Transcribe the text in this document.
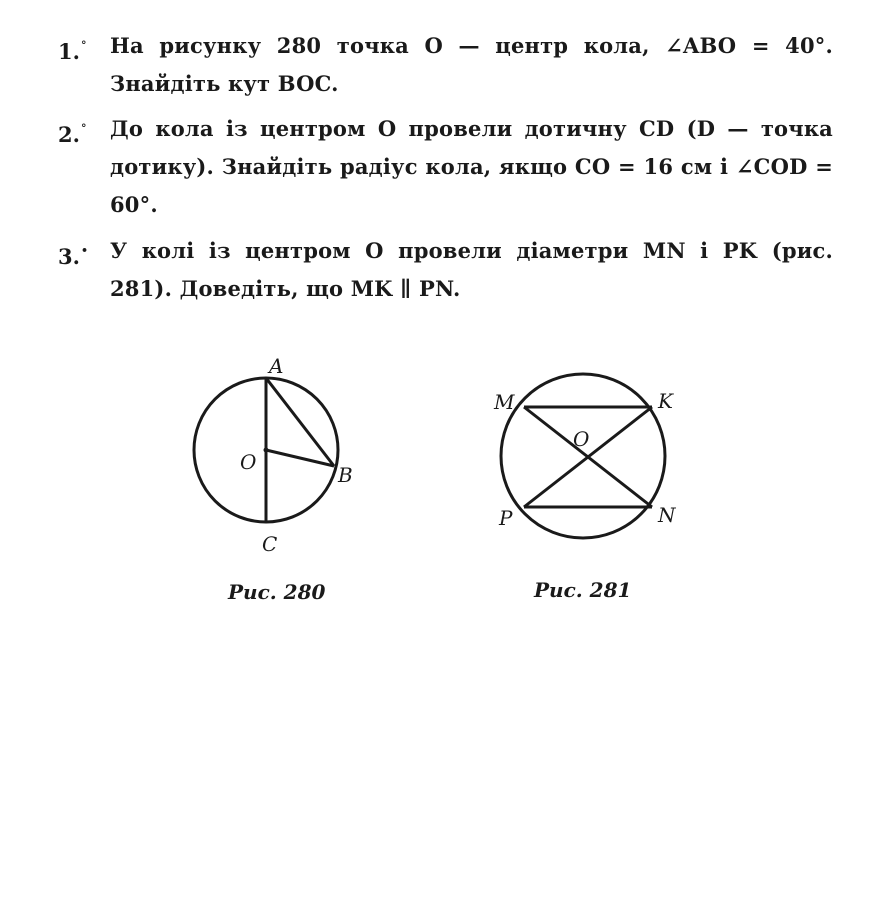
1.°	На рисунку 280 точка O — центр кола, ∠ABO = 40°. Знайдіть кут BOC.
2.°	До кола із центром O провели дотичну CD (D — точка дотику). Знайдіть радіус кола, якщо CO = 16 см і ∠COD = 60°.
3.•	У колі із центром O провели діаметри MN і PK (рис. 281). Доведіть, що MK ∥ PN.
A
O
B
C
Рис. 280
M	K
O
P	N
Рис. 281
